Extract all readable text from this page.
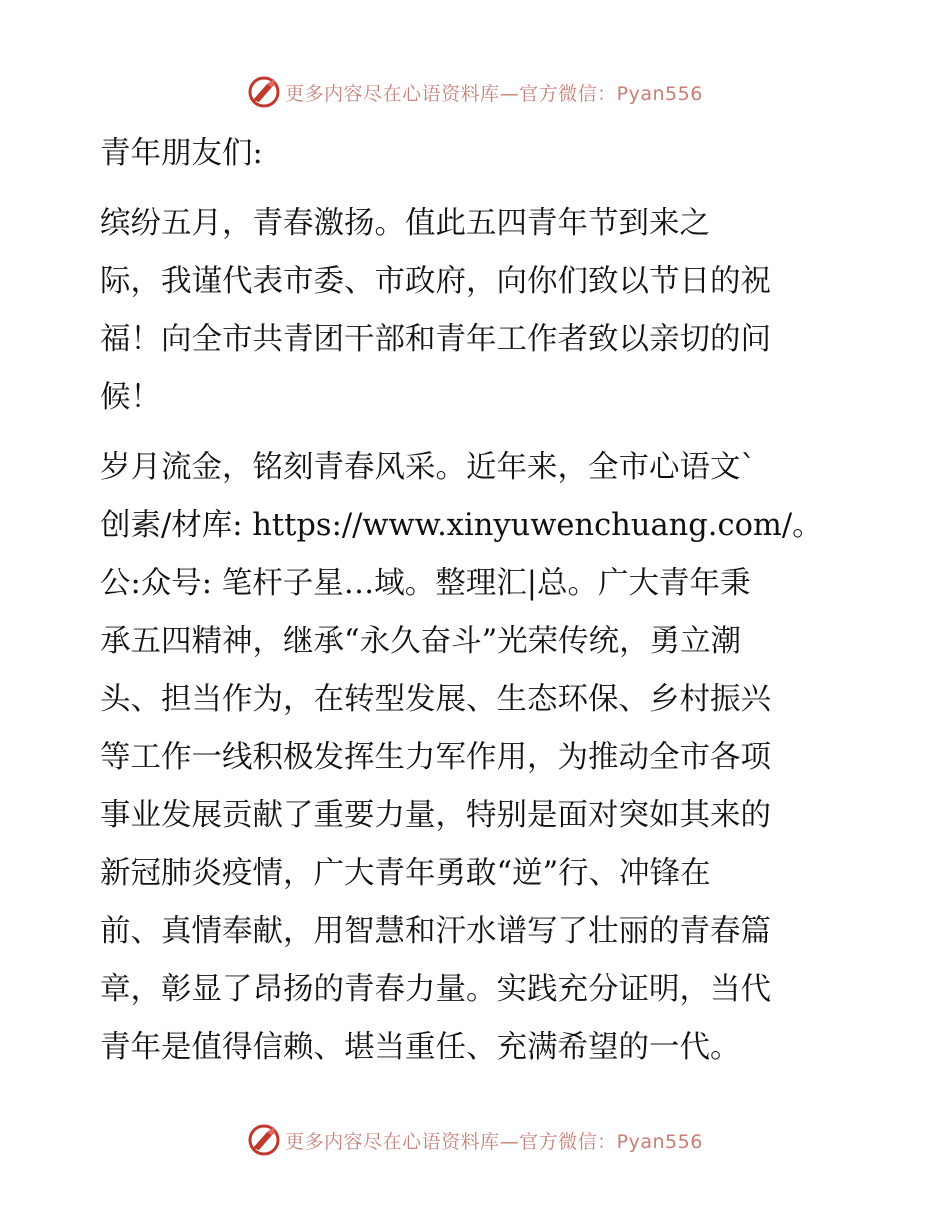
更多内容尽在心语资料库—官方微信：Pyan556
青年朋友们:
缤纷五月，青春激扬。值此五四青年节到来之
际，我谨代表市委、市政府，向你们致以节日的祝
福！向全市共青团干部和青年工作者致以亲切的问
候！
岁月流金，铭刻青春风采。近年来，全市心语文`
创素/材库: https://www.xinyuwenchuang.com/。
公:众号: 笔杆子星…域。整理汇|总。广大青年秉
承五四精神，继承“永久奋斗”光荣传统，勇立潮
头、担当作为，在转型发展、生态环保、乡村振兴
等工作一线积极发挥生力军作用，为推动全市各项
事业发展贡献了重要力量，特别是面对突如其来的
新冠肺炎疫情，广大青年勇敢“逆”行、冲锋在
前、真情奉献，用智慧和汗水谱写了壮丽的青春篇
章，彰显了昂扬的青春力量。实践充分证明，当代
青年是值得信赖、堪当重任、充满希望的一代。
更多内容尽在心语资料库—官方微信：Pyan556
